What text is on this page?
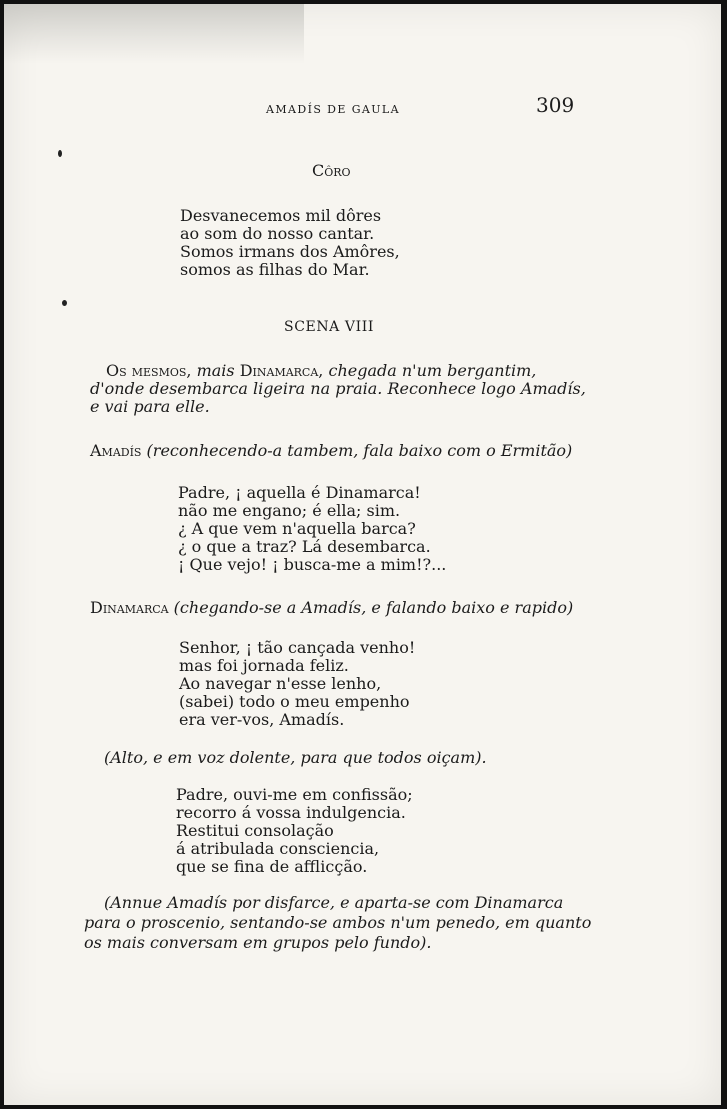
AMADÍS DE GAULA	309
Côro
Desvanecemos mil dôres
ao som do nosso cantar.
Somos irmans dos Amôres,
somos as filhas do Mar.
SCENA VIII
Os mesmos, mais Dinamarca, chegada n'um bergantim,
d'onde desembarca ligeira na praia. Reconhece logo Amadís,
e vai para elle.
Amadís (reconhecendo-a tambem, fala baixo com o Ermitão)
Padre, ¡ aquella é Dinamarca!
não me engano; é ella; sim.
¿ A que vem n'aquella barca?
¿ o que a traz? Lá desembarca.
¡ Que vejo! ¡ busca-me a mim!?...
Dinamarca (chegando-se a Amadís, e falando baixo e rapido)
Senhor, ¡ tão cançada venho!
mas foi jornada feliz.
Ao navegar n'esse lenho,
(sabei) todo o meu empenho
era ver-vos, Amadís.
(Alto, e em voz dolente, para que todos oiçam).
Padre, ouvi-me em confissão;
recorro á vossa indulgencia.
Restitui consolação
á atribulada consciencia,
que se fina de afflicção.
(Annue Amadís por disfarce, e aparta-se com Dinamarca
para o proscenio, sentando-se ambos n'um penedo, em quanto
os mais conversam em grupos pelo fundo).
